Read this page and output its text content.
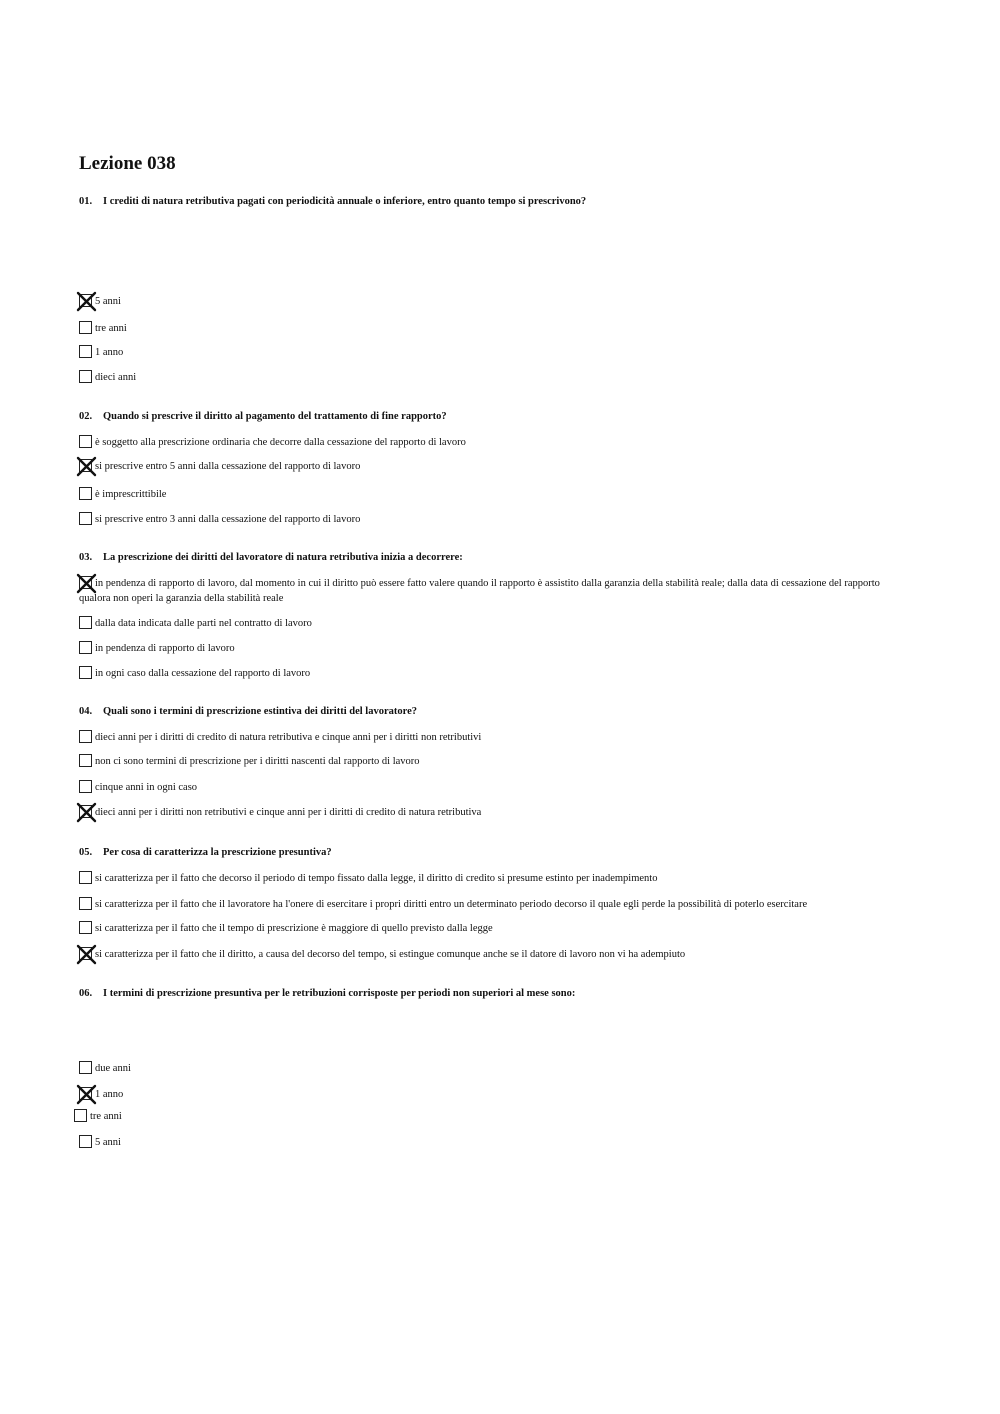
Lezione 038
01. I crediti di natura retributiva pagati con periodicità annuale o inferiore, entro quanto tempo si prescrivono?
5 anni
tre anni
1 anno
dieci anni
02. Quando si prescrive il diritto al pagamento del trattamento di fine rapporto?
è soggetto alla prescrizione ordinaria che decorre dalla cessazione del rapporto di lavoro
si prescrive entro 5 anni dalla cessazione del rapporto di lavoro
è imprescrittibile
si prescrive entro 3 anni dalla cessazione del rapporto di lavoro
03. La prescrizione dei diritti del lavoratore di natura retributiva inizia a decorrere:
in pendenza di rapporto di lavoro, dal momento in cui il diritto può essere fatto valere quando il rapporto è assistito dalla garanzia della stabilità reale; dalla data di cessazione del rapporto qualora non operi la garanzia della stabilità reale
dalla data indicata dalle parti nel contratto di lavoro
in pendenza di rapporto di lavoro
in ogni caso dalla cessazione del rapporto di lavoro
04. Quali sono i termini di prescrizione estintiva dei diritti del lavoratore?
dieci anni per i diritti di credito di natura retributiva e cinque anni per i diritti non retributivi
non ci sono termini di prescrizione per i diritti nascenti dal rapporto di lavoro
cinque anni in ogni caso
dieci anni per i diritti non retributivi e cinque anni per i diritti di credito di natura retributiva
05. Per cosa di caratterizza la prescrizione presuntiva?
si caratterizza per il fatto che decorso il periodo di tempo fissato dalla legge, il diritto di credito si presume estinto per inadempimento
si caratterizza per il fatto che il lavoratore ha l'onere di esercitare i propri diritti entro un determinato periodo decorso il quale egli perde la possibilità di poterlo esercitare
si caratterizza per il fatto che il tempo di prescrizione è maggiore di quello previsto dalla legge
si caratterizza per il fatto che il diritto, a causa del decorso del tempo, si estingue comunque anche se il datore di lavoro non vi ha adempiuto
06. I termini di prescrizione presuntiva per le retribuzioni corrisposte per periodi non superiori al mese sono:
due anni
1 anno
tre anni
5 anni
